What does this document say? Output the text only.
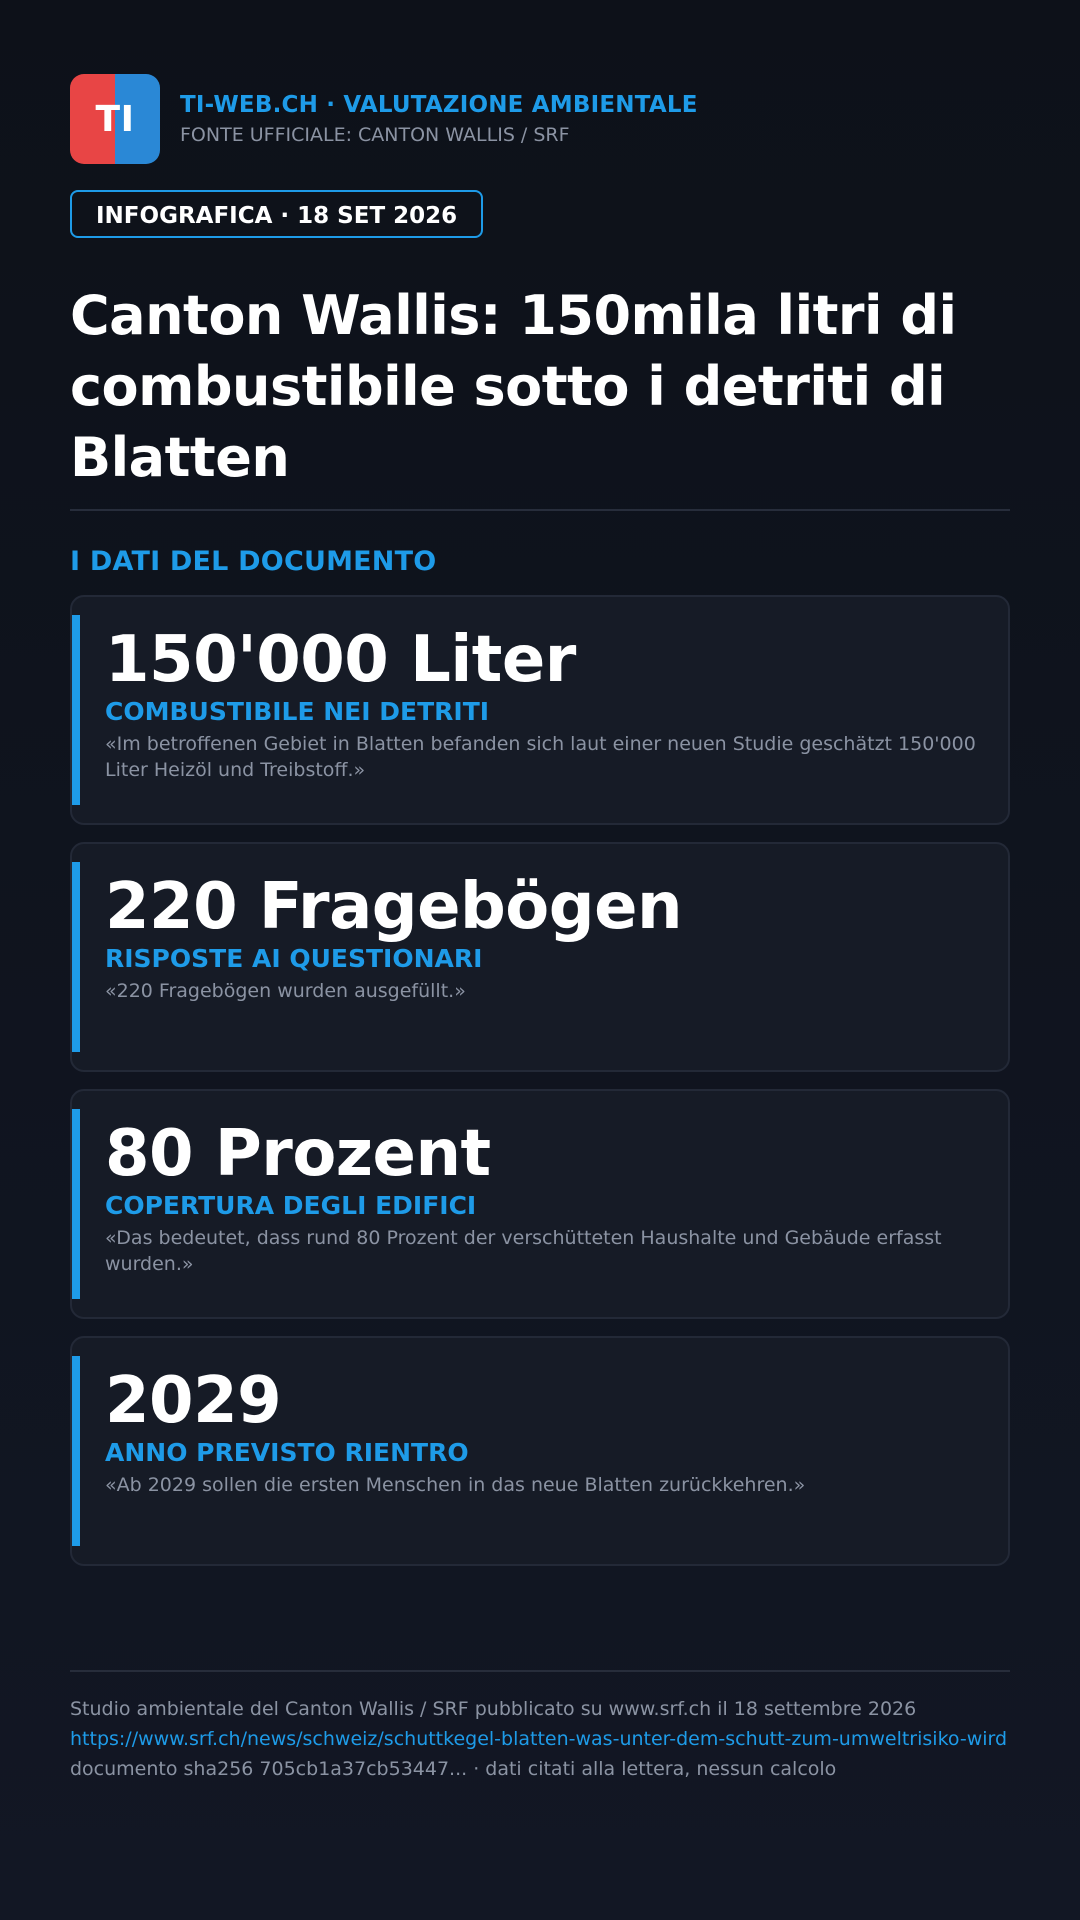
TI TI-WEB.CH · VALUTAZIONE AMBIENTALE
FONTE UFFICIALE: CANTON WALLIS / SRF
INFOGRAFICA · 18 SET 2026
Canton Wallis: 150mila litri di combustibile sotto i detriti di Blatten
I DATI DEL DOCUMENTO
150'000 Liter
COMBUSTIBILE NEI DETRITI
«Im betroffenen Gebiet in Blatten befanden sich laut einer neuen Studie geschätzt 150'000 Liter Heizöl und Treibstoff.»
220 Fragebögen
RISPOSTE AI QUESTIONARI
«220 Fragebögen wurden ausgefüllt.»
80 Prozent
COPERTURA DEGLI EDIFICI
«Das bedeutet, dass rund 80 Prozent der verschütteten Haushalte und Gebäude erfasst wurden.»
2029
ANNO PREVISTO RIENTRO
«Ab 2029 sollen die ersten Menschen in das neue Blatten zurückkehren.»
Studio ambientale del Canton Wallis / SRF pubblicato su www.srf.ch il 18 settembre 2026
https://www.srf.ch/news/schweiz/schuttkegel-blatten-was-unter-dem-schutt-zum-umweltrisiko-wird
documento sha256 705cb1a37cb53447... · dati citati alla lettera, nessun calcolo
